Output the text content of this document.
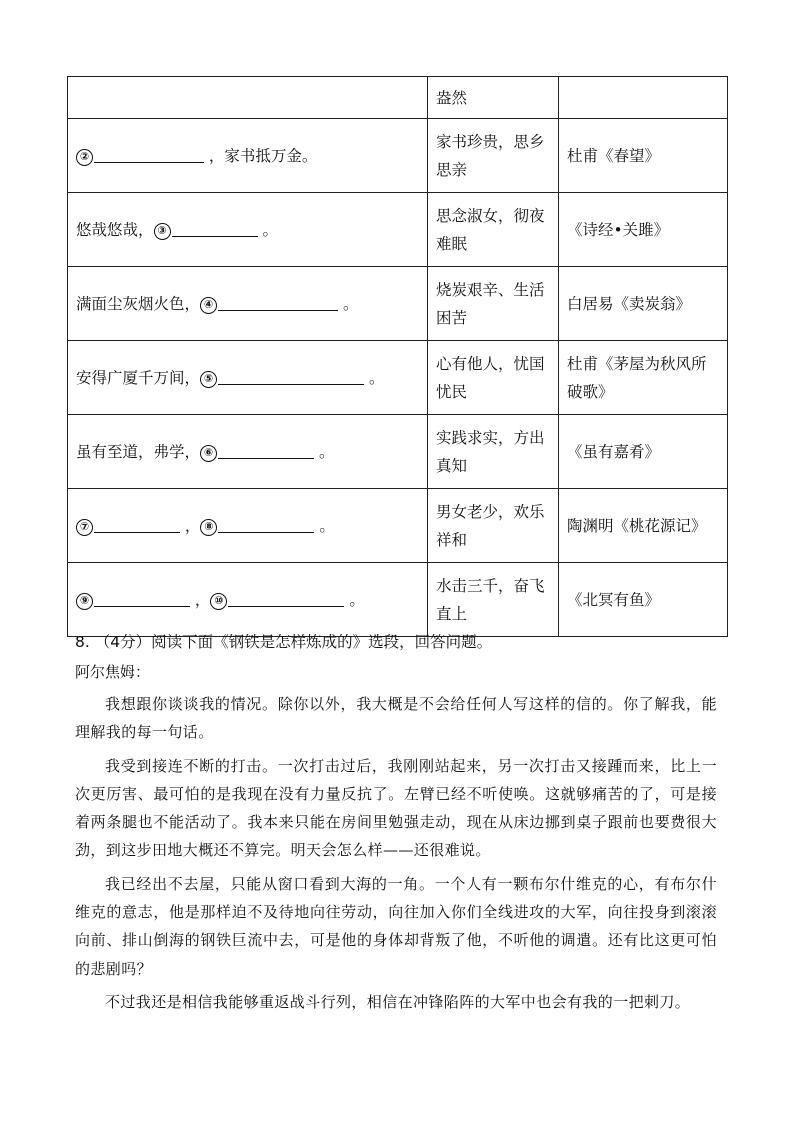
	盎然	
② ，家书抵万金。	家书珍贵，思乡思亲	杜甫《春望》
悠哉悠哉， ③ 。	思念淑女，彻夜难眠	《诗经•关雎》
满面尘灰烟火色， ④ 。	烧炭艰辛、生活困苦	白居易《卖炭翁》
安得广厦千万间， ⑤ 。	心有他人，忧国忧民	杜甫《茅屋为秋风所破歌》
虽有至道，弗学， ⑥ 。	实践求实，方出真知	《虽有嘉肴》
⑦ ， ⑧ 。	男女老少，欢乐祥和	陶渊明《桃花源记》
⑨ ， ⑩ 。	水击三千，奋飞直上	《北冥有鱼》
8. （4分）阅读下面《钢铁是怎样炼成的》选段，回答问题。
阿尔焦姆：

我想跟你谈谈我的情况。除你以外，我大概是不会给任何人写这样的信的。你了解我，能理解我的每一句话。

我受到接连不断的打击。一次打击过后，我刚刚站起来，另一次打击又接踵而来，比上一次更厉害、最可怕的是我现在没有力量反抗了。左臂已经不听使唤。这就够痛苦的了，可是接着两条腿也不能活动了。我本来只能在房间里勉强走动，现在从床边挪到桌子跟前也要费很大劲，到这步田地大概还不算完。明天会怎么样——还很难说。

我已经出不去屋，只能从窗口看到大海的一角。一个人有一颗布尔什维克的心，有布尔什维克的意志，他是那样迫不及待地向往劳动，向往加入你们全线进攻的大军，向往投身到滚滚向前、排山倒海的钢铁巨流中去，可是他的身体却背叛了他，不听他的调遣。还有比这更可怕的悲剧吗？

不过我还是相信我能够重返战斗行列，相信在冲锋陷阵的大军中也会有我的一把刺刀。
